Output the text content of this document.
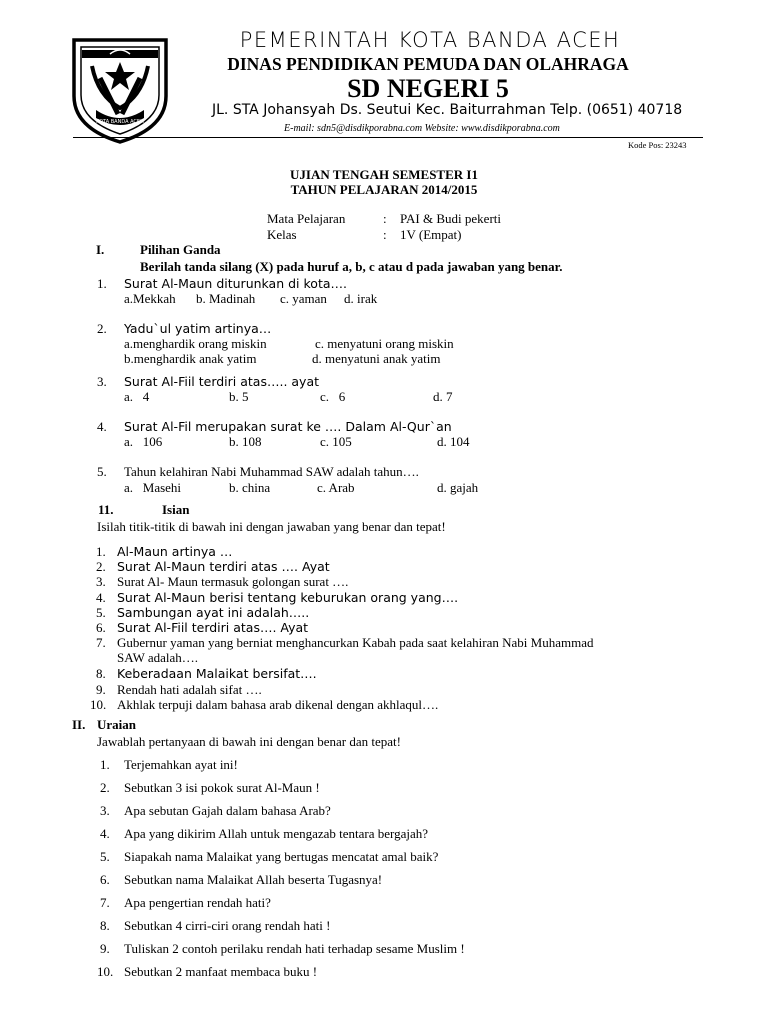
KOTA BANDA ACEH
PEMERINTAH KOTA BANDA ACEH
DINAS PENDIDIKAN PEMUDA DAN OLAHRAGA
SD NEGERI 5
JL. STA Johansyah Ds. Seutui Kec. Baiturrahman Telp. (0651) 40718
E-mail: sdn5@disdikporabna.com Website: www.disdikporabna.com
Kode Pos: 23243
UJIAN TENGAH SEMESTER I1
TAHUN PELAJARAN 2014/2015
Mata Pelajaran	: PAI & Budi pekerti
Kelas	: 1V (Empat)
I.	Pilihan Ganda
Berilah tanda silang (X) pada huruf a, b, c atau d pada jawaban yang benar.
1. Surat Al-Maun diturunkan di kota….
a.Mekkah b. Madinah c. yaman d. irak
2. Yadu`ul yatim artinya…
a.menghardik orang miskin	c. menyatuni orang miskin
b.menghardik anak yatim	d. menyatuni anak yatim
3. Surat Al-Fiil terdiri atas….. ayat
a.   4	b. 5	c.   6	d. 7
4. Surat Al-Fil merupakan surat ke …. Dalam Al-Qur`an
a.   106	b. 108	c. 105	d. 104
5. Tahun kelahiran Nabi Muhammad SAW adalah tahun….
a.   Masehi	b. china	c. Arab	d. gajah
11.	Isian
Isilah titik-titik di bawah ini dengan jawaban yang benar dan tepat!
1. Al-Maun artinya …
2. Surat Al-Maun terdiri atas …. Ayat
3. Surat Al- Maun termasuk golongan surat ….
4. Surat Al-Maun berisi tentang keburukan orang yang….
5. Sambungan ayat ini adalah…..
6. Surat Al-Fiil terdiri atas…. Ayat
7. Gubernur yaman yang berniat menghancurkan Kabah pada saat kelahiran Nabi Muhammad
SAW adalah….
8. Keberadaan Malaikat bersifat….
9. Rendah hati adalah sifat ….
10. Akhlak terpuji dalam bahasa arab dikenal dengan akhlaqul….
II. Uraian
Jawablah pertanyaan di bawah ini dengan benar dan tepat!
1. Terjemahkan ayat ini!
2. Sebutkan 3 isi pokok surat Al-Maun !
3. Apa sebutan Gajah dalam bahasa Arab?
4. Apa yang dikirim Allah untuk mengazab tentara bergajah?
5. Siapakah nama Malaikat yang bertugas mencatat amal baik?
6. Sebutkan nama Malaikat Allah beserta Tugasnya!
7. Apa pengertian rendah hati?
8. Sebutkan 4 cirri-ciri orang rendah hati !
9. Tuliskan 2 contoh perilaku rendah hati terhadap sesame Muslim !
10. Sebutkan 2 manfaat membaca buku !
